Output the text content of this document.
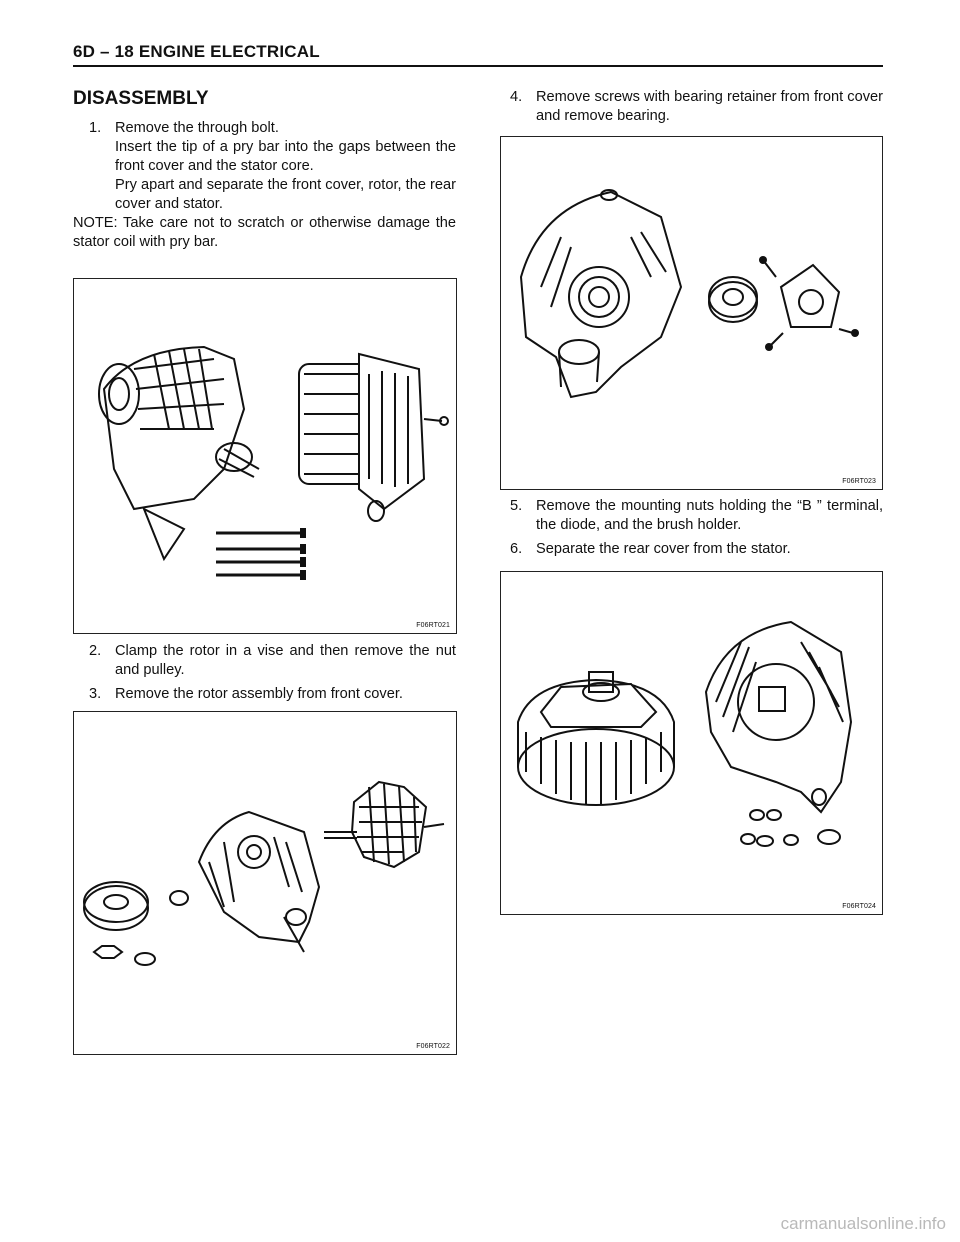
6D – 18 ENGINE ELECTRICAL
DISASSEMBLY
1. Remove the through bolt.
Insert the tip of a pry bar into the gaps between the front cover and the stator core.
Pry apart and separate the front cover, rotor, the rear cover and stator.
NOTE: Take care not to scratch or otherwise damage the stator coil with pry bar.
F06RT021
2. Clamp the rotor in a vise and then remove the nut and pulley.
3. Remove the rotor assembly from front cover.
F06RT022
4. Remove screws with bearing retainer from front cover and remove bearing.
F06RT023
5. Remove the mounting nuts holding the “B ” terminal, the diode, and the brush holder.
6. Separate the rear cover from the stator.
F06RT024
carmanualsonline.info
